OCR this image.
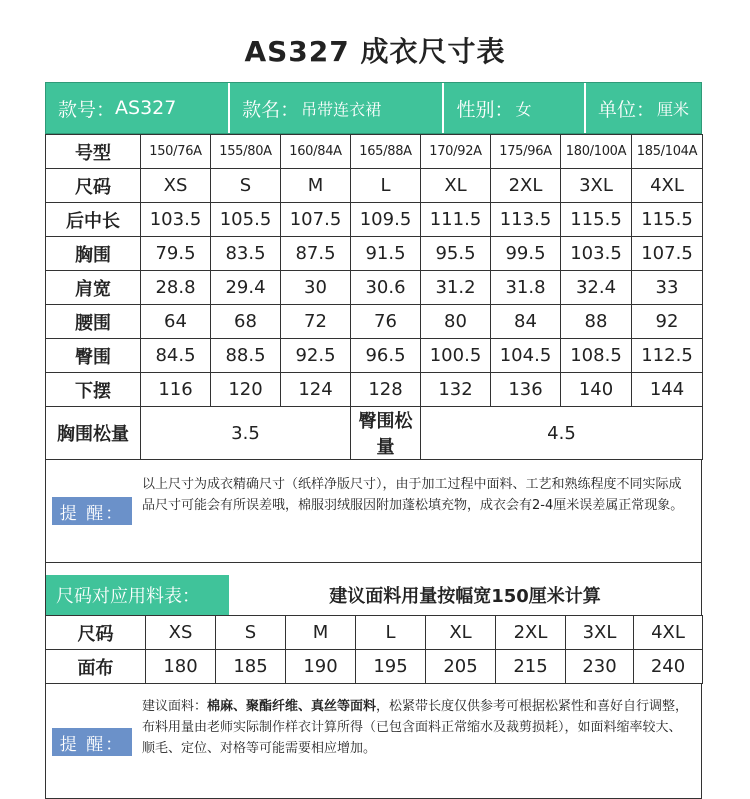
AS327 成衣尺寸表
款号： AS327	款名： 吊带连衣裙	性别： 女	单位： 厘米
号型	150/76A	155/80A	160/84A	165/88A	170/92A	175/96A	180/100A	185/104A
尺码	XS	S	M	L	XL	2XL	3XL	4XL
后中长	103.5	105.5	107.5	109.5	111.5	113.5	115.5	115.5
胸围	79.5	83.5	87.5	91.5	95.5	99.5	103.5	107.5
肩宽	28.8	29.4	30	30.6	31.2	31.8	32.4	33
腰围	64	68	72	76	80	84	88	92
臀围	84.5	88.5	92.5	96.5	100.5	104.5	108.5	112.5
下摆	116	120	124	128	132	136	140	144
胸围松量	3.5			臀围松量	4.5			
提 醒：
以上尺寸为成衣精确尺寸（纸样净版尺寸），由于加工过程中面料、工艺和熟练程度不同实际成品尺寸可能会有所误差哦，棉服羽绒服因附加蓬松填充物，成衣会有2-4厘米误差属正常现象。
尺码对应用料表：	建议面料用量按幅宽150厘米计算
尺码	XS	S	M	L	XL	2XL	3XL	4XL
面布	180	185	190	195	205	215	230	240
提 醒：
建议面料：棉麻、聚酯纤维、真丝等面料，松紧带长度仅供参考可根据松紧性和喜好自行调整，布料用量由老师实际制作样衣计算所得（已包含面料正常缩水及裁剪损耗），如面料缩率较大、顺毛、定位、对格等可能需要相应增加。
